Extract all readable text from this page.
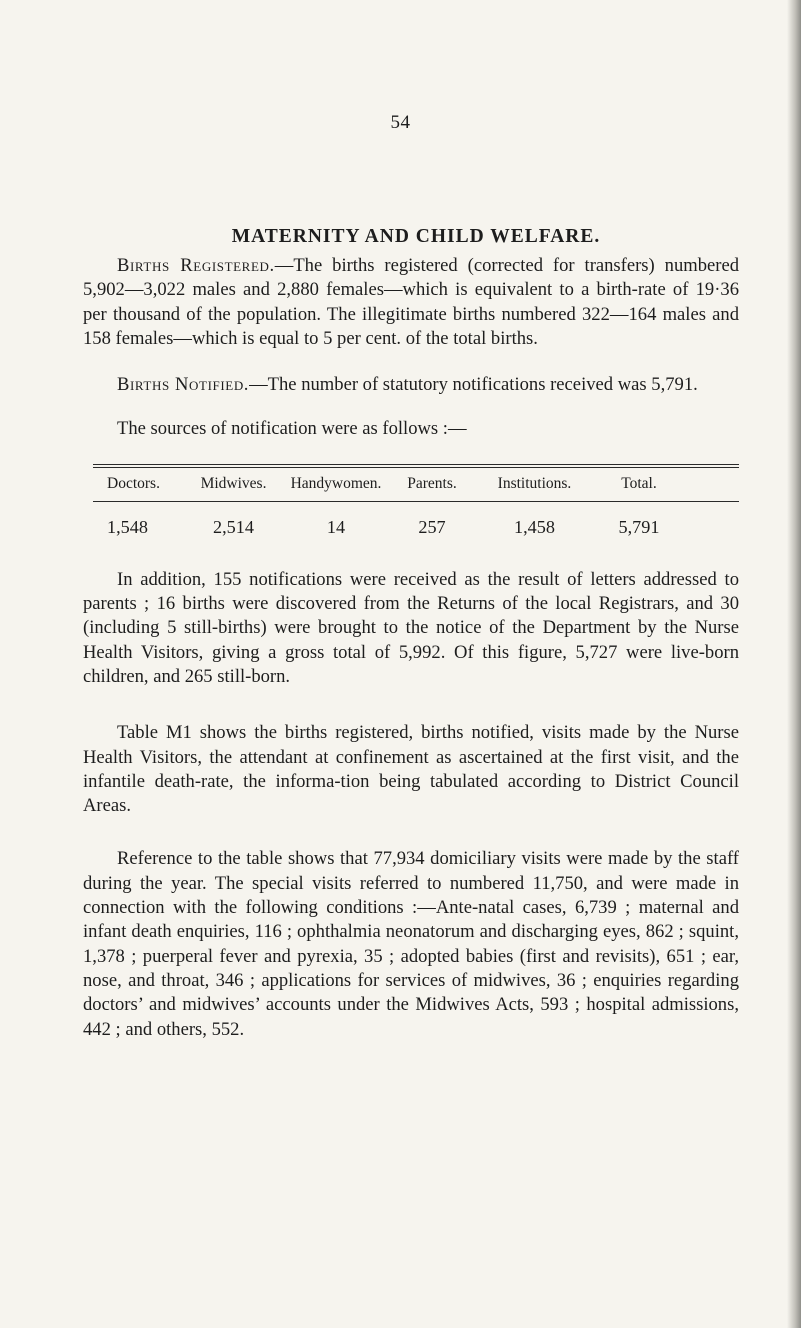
54
MATERNITY AND CHILD WELFARE.

Births Registered.—The births registered (corrected for transfers) numbered 5,902—3,022 males and 2,880 females—which is equivalent to a birth-rate of 19·36 per thousand of the population. The illegitimate births numbered 322—164 males and 158 females—which is equal to 5 per cent. of the total births.

Births Notified.—The number of statutory notifications received was 5,791.

The sources of notification were as follows :—

Doctors.	Midwives.	Handywomen.	Parents.	Institutions.	Total.
1,548	2,514	14	257	1,458	5,791

In addition, 155 notifications were received as the result of letters addressed to parents ; 16 births were discovered from the Returns of the local Registrars, and 30 (including 5 still-births) were brought to the notice of the Department by the Nurse Health Visitors, giving a gross total of 5,992. Of this figure, 5,727 were live-born children, and 265 still-born.

Table M1 shows the births registered, births notified, visits made by the Nurse Health Visitors, the attendant at confinement as ascertained at the first visit, and the infantile death-rate, the informa-tion being tabulated according to District Council Areas.

Reference to the table shows that 77,934 domiciliary visits were made by the staff during the year. The special visits referred to numbered 11,750, and were made in connection with the following conditions :—Ante-natal cases, 6,739 ; maternal and infant death enquiries, 116 ; ophthalmia neonatorum and discharging eyes, 862 ; squint, 1,378 ; puerperal fever and pyrexia, 35 ; adopted babies (first and revisits), 651 ; ear, nose, and throat, 346 ; applications for services of midwives, 36 ; enquiries regarding doctors’ and midwives’ accounts under the Midwives Acts, 593 ; hospital admissions, 442 ; and others, 552.
